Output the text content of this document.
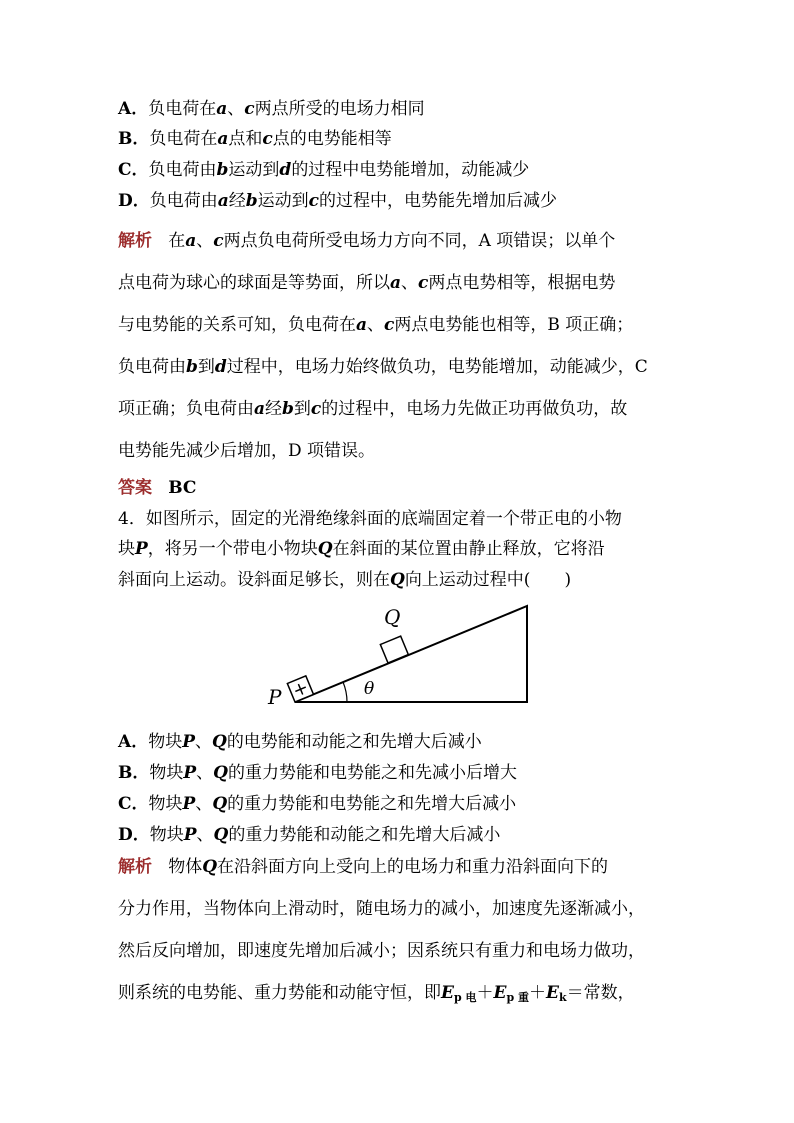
A．负电荷在a、c两点所受的电场力相同
B．负电荷在a点和c点的电势能相等
C．负电荷由b运动到d的过程中电势能增加，动能减少
D．负电荷由a经b运动到c的过程中，电势能先增加后减少
解析 在a、c两点负电荷所受电场力方向不同，A 项错误；以单个
点电荷为球心的球面是等势面，所以a、c两点电势相等，根据电势
与电势能的关系可知，负电荷在a、c两点电势能也相等，B 项正确；
负电荷由b到d过程中，电场力始终做负功，电势能增加，动能减少，C
项正确；负电荷由a经b到c的过程中，电场力先做正功再做负功，故
电势能先减少后增加，D 项错误。
答案 BC
4．如图所示，固定的光滑绝缘斜面的底端固定着一个带正电的小物
块P，将另一个带电小物块Q在斜面的某位置由静止释放，它将沿
斜面向上运动。设斜面足够长，则在Q向上运动过程中(　　)
+	θ
P
Q
A．物块P、Q的电势能和动能之和先增大后减小
B．物块P、Q的重力势能和电势能之和先减小后增大
C．物块P、Q的重力势能和电势能之和先增大后减小
D．物块P、Q的重力势能和动能之和先增大后减小
解析 物体Q在沿斜面方向上受向上的电场力和重力沿斜面向下的
分力作用，当物体向上滑动时，随电场力的减小，加速度先逐渐减小，
然后反向增加，即速度先增加后减小；因系统只有重力和电场力做功，
则系统的电势能、重力势能和动能守恒，即$E_{p 电}+E_{p 重}+E_k=$常数，
